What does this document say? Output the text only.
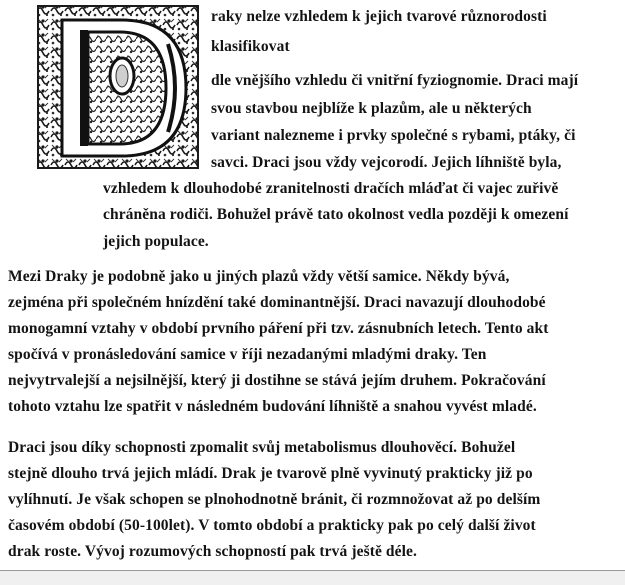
raky nelze vzhledem k jejich tvarové různorodosti
klasifikovat
dle vnějšího vzhledu či vnitřní fyziognomie. Draci mají
svou stavbou nejblíže k plazům, ale u některých
variant nalezneme i prvky společné s rybami, ptáky, či
savci. Draci jsou vždy vejcorodí. Jejich líhniště byla,
vzhledem k dlouhodobé zranitelnosti dračích mláďat či vajec zuřivě
chráněna rodiči. Bohužel právě tato okolnost vedla později k omezení
jejich populace.
Mezi Draky je podobně jako u jiných plazů vždy větší samice. Někdy bývá,
zejména při společném hnízdění také dominantnější. Draci navazují dlouhodobé
monogamní vztahy v období prvního páření při tzv. zásnubních letech. Tento akt
spočívá v pronásledování samice v říji nezadanými mladými draky. Ten
nejvytrvalejší a nejsilnější, který ji dostihne se stává jejím druhem. Pokračování
tohoto vztahu lze spatřit v následném budování líhniště a snahou vyvést mladé.
Draci jsou díky schopnosti zpomalit svůj metabolismus dlouhověcí. Bohužel
stejně dlouho trvá jejich mládí. Drak je tvarově plně vyvinutý prakticky již po
vylíhnutí. Je však schopen se plnohodnotně bránit, či rozmnožovat až po delším
časovém období (50-100let). V tomto období a prakticky pak po celý další život
drak roste. Vývoj rozumových schopností pak trvá ještě déle.
